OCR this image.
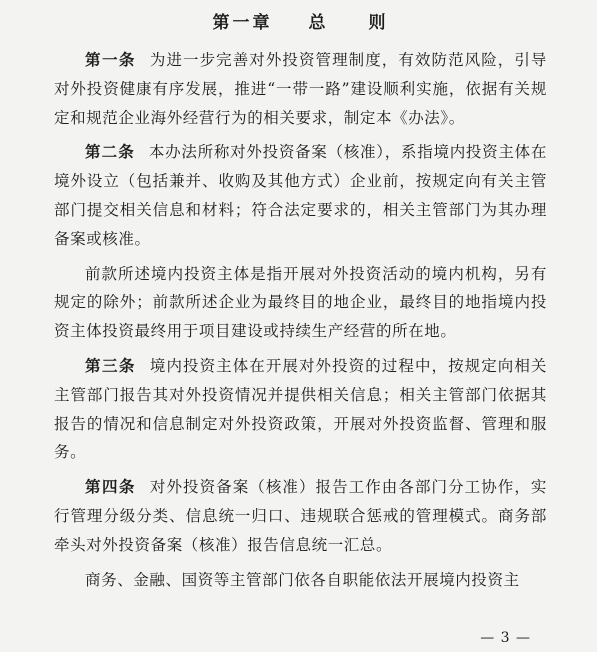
第一章 总　　则

第一条 为进一步完善对外投资管理制度，有效防范风险，引导对外投资健康有序发展，推进“一带一路”建设顺利实施，依据有关规定和规范企业海外经营行为的相关要求，制定本《办法》。

第二条 本办法所称对外投资备案（核准），系指境内投资主体在境外设立（包括兼并、收购及其他方式）企业前，按规定向有关主管部门提交相关信息和材料；符合法定要求的，相关主管部门为其办理备案或核准。

前款所述境内投资主体是指开展对外投资活动的境内机构，另有规定的除外；前款所述企业为最终目的地企业，最终目的地指境内投资主体投资最终用于项目建设或持续生产经营的所在地。

第三条 境内投资主体在开展对外投资的过程中，按规定向相关主管部门报告其对外投资情况并提供相关信息；相关主管部门依据其报告的情况和信息制定对外投资政策，开展对外投资监督、管理和服务。

第四条 对外投资备案（核准）报告工作由各部门分工协作，实行管理分级分类、信息统一归口、违规联合惩戒的管理模式。商务部牵头对外投资备案（核准）报告信息统一汇总。

商务、金融、国资等主管部门依各自职能依法开展境内投资主

— 3 —
